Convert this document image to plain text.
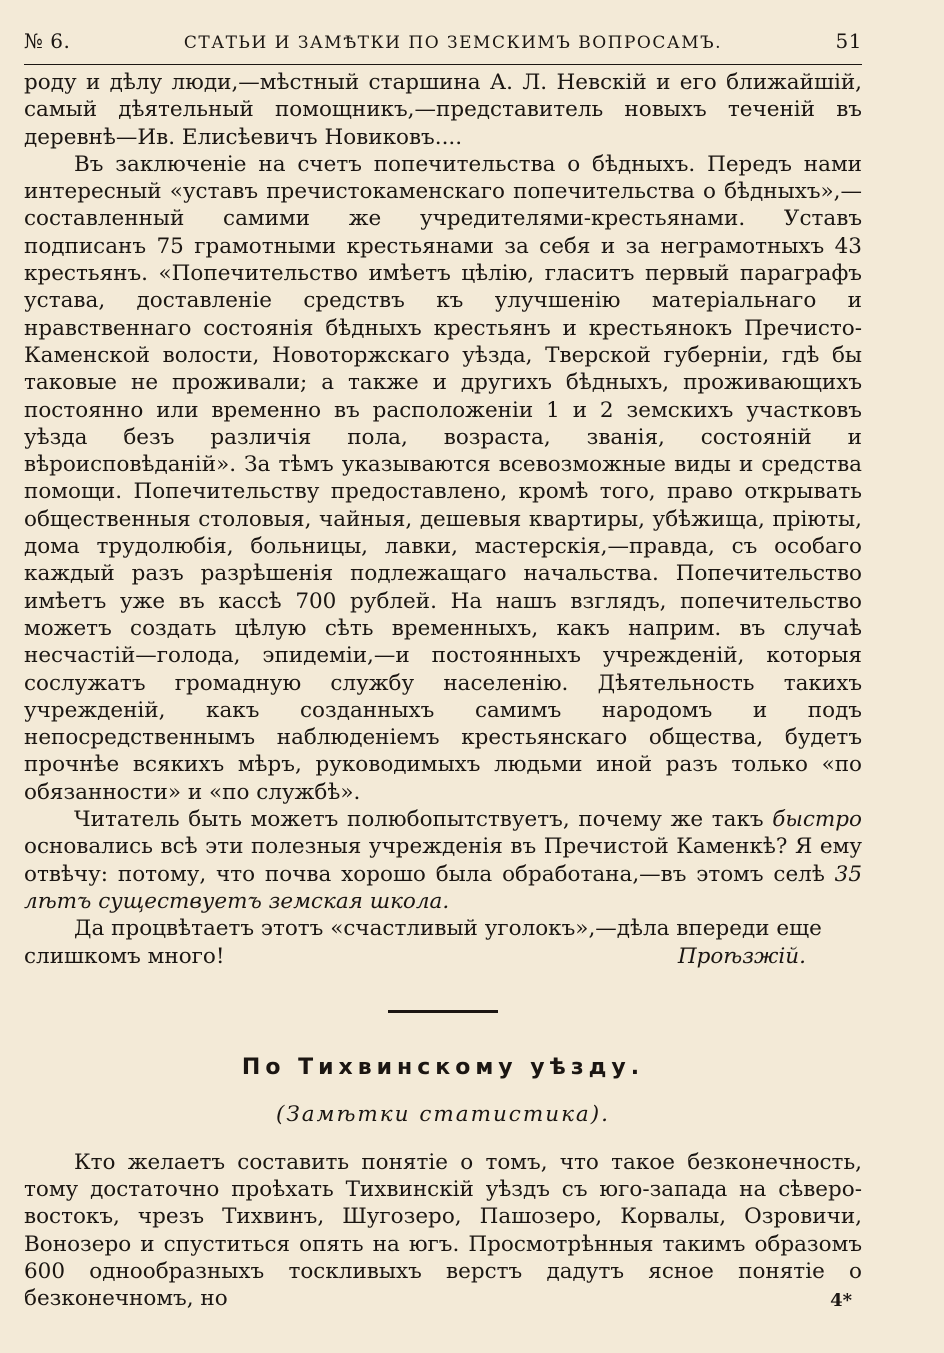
№ 6.	СТАТЬИ И ЗАМѢТКИ ПО ЗЕМСКИМЪ ВОПРОСАМЪ.	51

роду и дѣлу люди,—мѣстный старшина А. Л. Невскій и его ближайшій, самый дѣятельный помощникъ,—представитель новыхъ теченій въ деревнѣ—Ив. Елисѣевичъ Новиковъ....

Въ заключеніе на счетъ попечительства о бѣдныхъ. Передъ нами интересный «уставъ пречистокаменскаго попечительства о бѣдныхъ»,—составленный самими же учредителями-крестьянами. Уставъ подписанъ 75 грамотными крестьянами за себя и за неграмотныхъ 43 крестьянъ. «Попечительство имѣетъ цѣлію, гласитъ первый параграфъ устава, доставленіе средствъ къ улучшенію матеріальнаго и нравственнаго состоянія бѣдныхъ крестьянъ и крестьянокъ Пречисто-Каменской волости, Новоторжскаго уѣзда, Тверской губерніи, гдѣ бы таковые не проживали; а также и другихъ бѣдныхъ, проживающихъ постоянно или временно въ расположеніи 1 и 2 земскихъ участковъ уѣзда безъ различія пола, возраста, званія, состояній и вѣроисповѣданій». За тѣмъ указываются всевозможные виды и средства помощи. Попечительству предоставлено, кромѣ того, право открывать общественныя столовыя, чайныя, дешевыя квартиры, убѣжища, пріюты, дома трудолюбія, больницы, лавки, мастерскія,—правда, съ особаго каждый разъ разрѣшенія подлежащаго начальства. Попечительство имѣетъ уже въ кассѣ 700 рублей. На нашъ взглядъ, попечительство можетъ создать цѣлую сѣть временныхъ, какъ наприм. въ случаѣ несчастій—голода, эпидеміи,—и постоянныхъ учрежденій, которыя сослужатъ громадную службу населенію. Дѣятельность такихъ учрежденій, какъ созданныхъ самимъ народомъ и подъ непосредственнымъ наблюденіемъ крестьянскаго общества, будетъ прочнѣе всякихъ мѣръ, руководимыхъ людьми иной разъ только «по обязанности» и «по службѣ».

Читатель быть можетъ полюбопытствуетъ, почему же такъ быстро основались всѣ эти полезныя учрежденія въ Пречистой Каменкѣ? Я ему отвѣчу: потому, что почва хорошо была обработана,—въ этомъ селѣ 35 лѣтъ существуетъ земская школа.

Да процвѣтаетъ этотъ «счастливый уголокъ»,—дѣла впереди еще

слишкомъ много!	Проѣзжій.
По Тихвинскому уѣзду.
(Замѣтки статистика).

Кто желаетъ составить понятіе о томъ, что такое безконечность, тому достаточно проѣхать Тихвинскій уѣздъ съ юго-запада на сѣверо-востокъ, чрезъ Тихвинъ, Шугозеро, Пашозеро, Корвалы, Озровичи, Вонозеро и спуститься опять на югъ. Просмотрѣнныя такимъ образомъ 600 однообразныхъ тоскливыхъ верстъ дадутъ ясное понятіе о безконечномъ, но	4*
